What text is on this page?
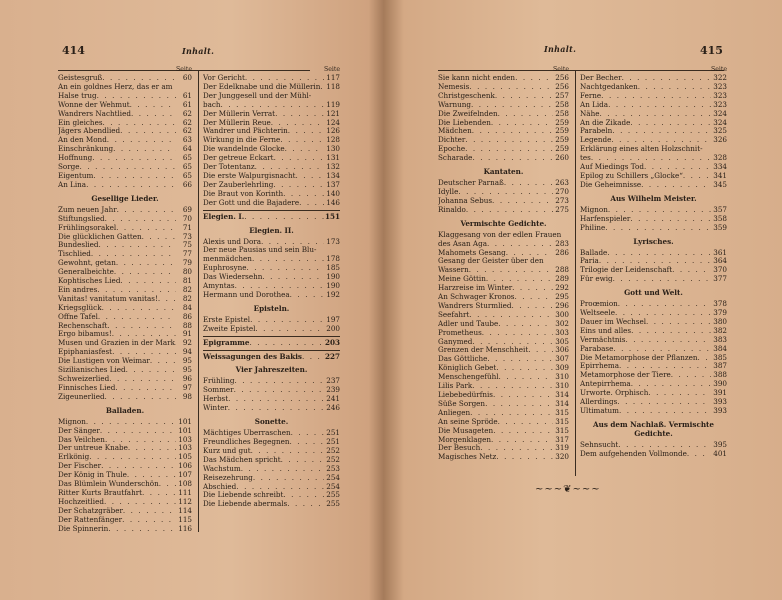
414	Inhalt.
Seite
Geistesgruß . . .	60
An ein goldnes Herz, das er am
Halse trug . . .	61
Wonne der Wehmut . . .	61
Wandrers Nachtlied . . .	62
Ein gleiches . . .	62
Jägers Abendlied . . .	62
An den Mond . . .	63
Einschränkung . . .	64
Hoffnung . . .	65
Sorge . . .	65
Eigentum . . .	65
An Lina . . .	66
Gesellige Lieder.
Zum neuen Jahr . . .	69
Stiftungslied . . .	70
Frühlingsorakel . . .	71
Die glücklichen Gatten . . .	73
Bundeslied . . .	75
Tischlied . . .	77
Gewohnt, getan . . .	79
Generalbeichte . . .	80
Kophtisches Lied . . .	81
Ein andres . . .	82
Vanitas! vanitatum vanitas! . . .	82
Kriegsglück . . .	84
Offne Tafel . . .	86
Rechenschaft . . .	88
Ergo bibamus! . . .	91
Musen und Grazien in der Mark . . .	92
Epiphaniasfest . . .	94
Die Lustigen von Weimar . . .	95
Sizilianisches Lied . . .	95
Schweizerlied . . .	96
Finnisches Lied . . .	97
Zigeunerlied . . .	98
Balladen.
Mignon . . .	101
Der Sänger . . .	101
Das Veilchen . . .	103
Der untreue Knabe . . .	103
Erlkönig . . .	105
Der Fischer . . .	106
Der König in Thule . . .	107
Das Blümlein Wunderschön . . .	108
Ritter Kurts Brautfahrt . . .	111
Hochzeitlied . . .	112
Der Schatzgräber . . .	114
Der Rattenfänger . . .	115
Die Spinnerin . . .	116
Seite
Vor Gericht . . .	117
Der Edelknabe und die Müllerin . . . 118
Der Junggesell und der Mühl-
bach . . .	119
Der Müllerin Verrat . . .	121
Der Müllerin Reue . . .	124
Wandrer und Pächterin . . .	126
Wirkung in die Ferne . . .	128
Die wandelnde Glocke . . .	130
Der getreue Eckart . . .	131
Der Totentanz . . .	132
Die erste Walpurgisnacht . . .	134
Der Zauberlehrling . . .	137
Die Braut von Korinth . . .	140
Der Gott und die Bajadere . . .	146
Elegien. I. . . .	151
Elegien. II.
Alexis und Dora . . .	173
Der neue Pausias und sein Blu-
menmädchen . . .	178
Euphrosyne . . .	185
Das Wiedersehn . . .	190
Amyntas . . .	190
Hermann und Dorothea . . .	192
Episteln.
Erste Epistel . . .	197
Zweite Epistel . . .	200
Epigramme . . .	203
Weissagungen des Bakis . . .	227
Vier Jahreszeiten.
Frühling . . .	237
Sommer . . .	239
Herbst . . .	241
Winter . . .	246
Sonette.
Mächtiges Überraschen . . .	251
Freundliches Begegnen . . .	251
Kurz und gut . . .	252
Das Mädchen spricht . . .	252
Wachstum . . .	253
Reisezehrung . . .	254
Abschied . . .	254
Die Liebende schreibt . . .	255
Die Liebende abermals . . .	255
Inhalt.	415
Seite
Sie kann nicht enden . . .	256
Nemesis . . .	256
Christgeschenk . . .	257
Warnung . . .	258
Die Zweifelnden . . .	258
Die Liebenden . . .	259
Mädchen . . .	259
Dichter . . .	259
Epoche . . .	259
Scharade . . .	260
Kantaten.
Deutscher Parnaß . . .	263
Idylle . . .	270
Johanna Sebus . . .	273
Rinaldo . . .	275
Vermischte Gedichte.
Klaggesang von der edlen Frauen
des Asan Aga . . .	283
Mahomets Gesang . . .	286
Gesang der Geister über den
Wassern . . .	288
Meine Göttin . . .	289
Harzreise im Winter . . .	292
An Schwager Kronos . . .	295
Wandrers Sturmlied . . .	296
Seefahrt . . .	300
Adler und Taube . . .	302
Prometheus . . .	303
Ganymed . . .	305
Grenzen der Menschheit . . .	306
Das Göttliche . . .	307
Königlich Gebet . . .	309
Menschengefühl . . .	310
Lilis Park . . .	310
Liebebedürfnis . . .	314
Süße Sorgen . . .	314
Anliegen . . .	315
An seine Spröde . . .	315
Die Musageten . . .	315
Morgenklagen . . .	317
Der Besuch . . .	319
Magisches Netz . . .	320
Seite
Der Becher . . .	322
Nachtgedanken . . .	323
Ferne . . .	323
An Lida . . .	323
Nähe . . .	324
An die Zikade . . .	324
Parabeln . . .	325
Legende . . .	326
Erklärung eines alten Holzschnit-
tes . . .	328
Auf Miedings Tod . . .	334
Epilog zu Schillers „Glocke“ . . .	341
Die Geheimnisse . . .	345
Aus Wilhelm Meister.
Mignon . . .	357
Harfenspieler . . .	358
Philine . . .	359
Lyrisches.
Ballade . . .	361
Paria . . .	364
Trilogie der Leidenschaft . . .	370
Für ewig . . .	377
Gott und Welt.
Proœmion . . .	378
Weltseele . . .	379
Dauer im Wechsel . . .	380
Eins und alles . . .	382
Vermächtnis . . .	383
Parabase . . .	384
Die Metamorphose der Pflanzen . . .	385
Epirrhema . . .	387
Metamorphose der Tiere . . .	388
Antepirrhema . . .	390
Urworte. Orphisch . . .	391
Allerdings . . .	393
Ultimatum . . .	393
Aus dem Nachlaß. Vermischte Gedichte.
Sehnsucht . . .	395
Dem aufgehenden Vollmonde . . .	401
~~~❦~~~
